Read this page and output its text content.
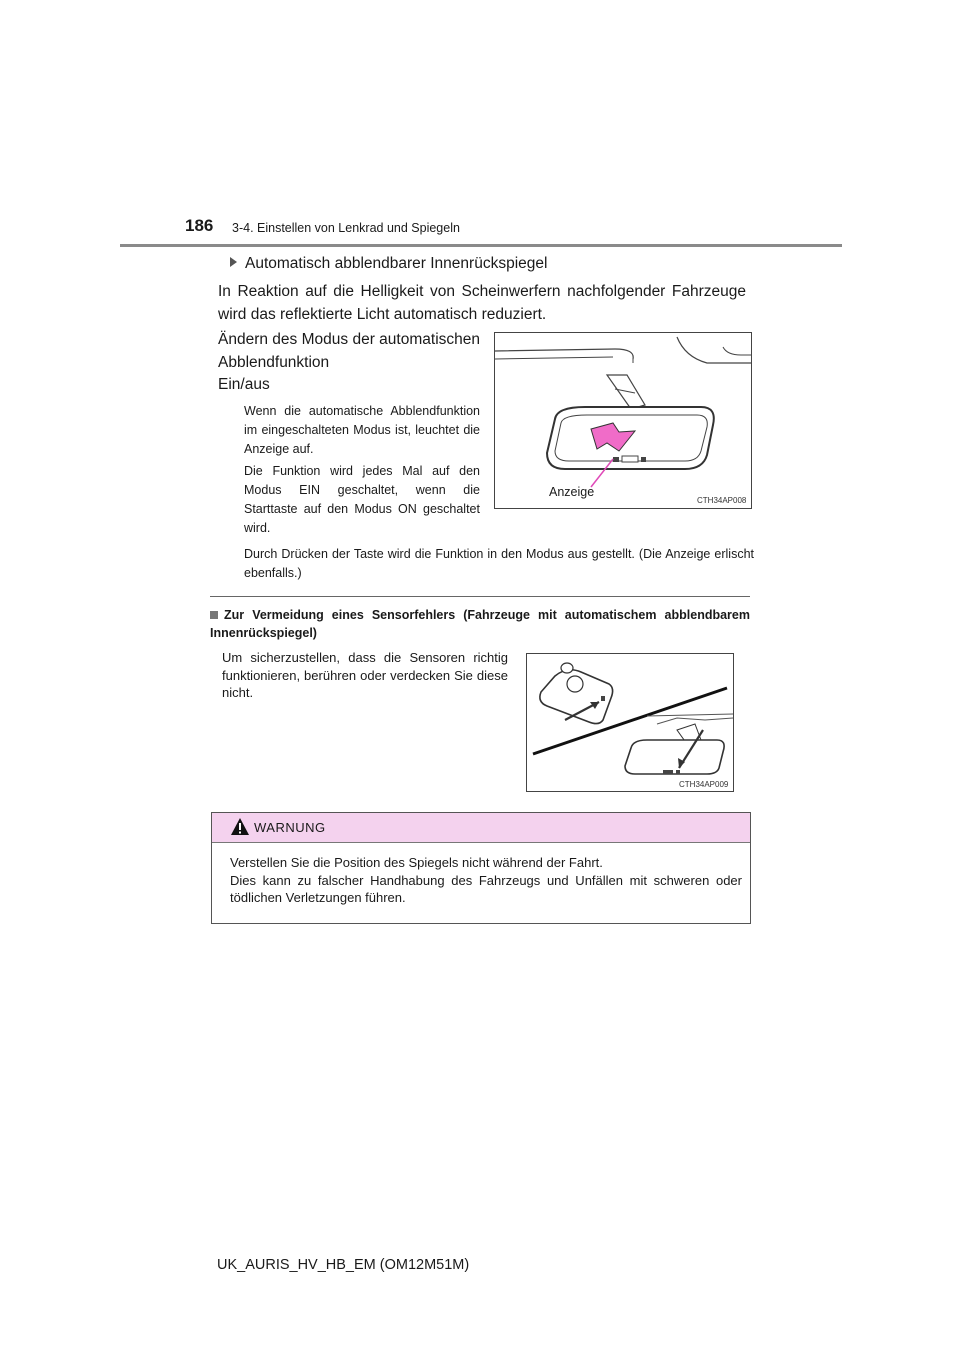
186 3-4. Einstellen von Lenkrad und Spiegeln
Automatisch abblendbarer Innenrückspiegel
In Reaktion auf die Helligkeit von Scheinwerfern nachfolgender Fahrzeuge wird das reflektierte Licht automatisch reduziert.
Ändern des Modus der automatischen Abblendfunktion
Ein/aus
Wenn die automatische Abblendfunktion im eingeschalteten Modus ist, leuchtet die Anzeige auf.
Die Funktion wird jedes Mal auf den Modus EIN geschaltet, wenn die Starttaste auf den Modus ON geschaltet wird.
Durch Drücken der Taste wird die Funktion in den Modus aus gestellt. (Die Anzeige erlischt ebenfalls.)
Anzeige
CTH34AP008
Zur Vermeidung eines Sensorfehlers (Fahrzeuge mit automatischem abblendbarem Innenrückspiegel)
Um sicherzustellen, dass die Sensoren richtig funktionieren, berühren oder verdecken Sie diese nicht.
CTH34AP009
WARNUNG
Verstellen Sie die Position des Spiegels nicht während der Fahrt.
Dies kann zu falscher Handhabung des Fahrzeugs und Unfällen mit schweren oder tödlichen Verletzungen führen.
UK_AURIS_HV_HB_EM (OM12M51M)
